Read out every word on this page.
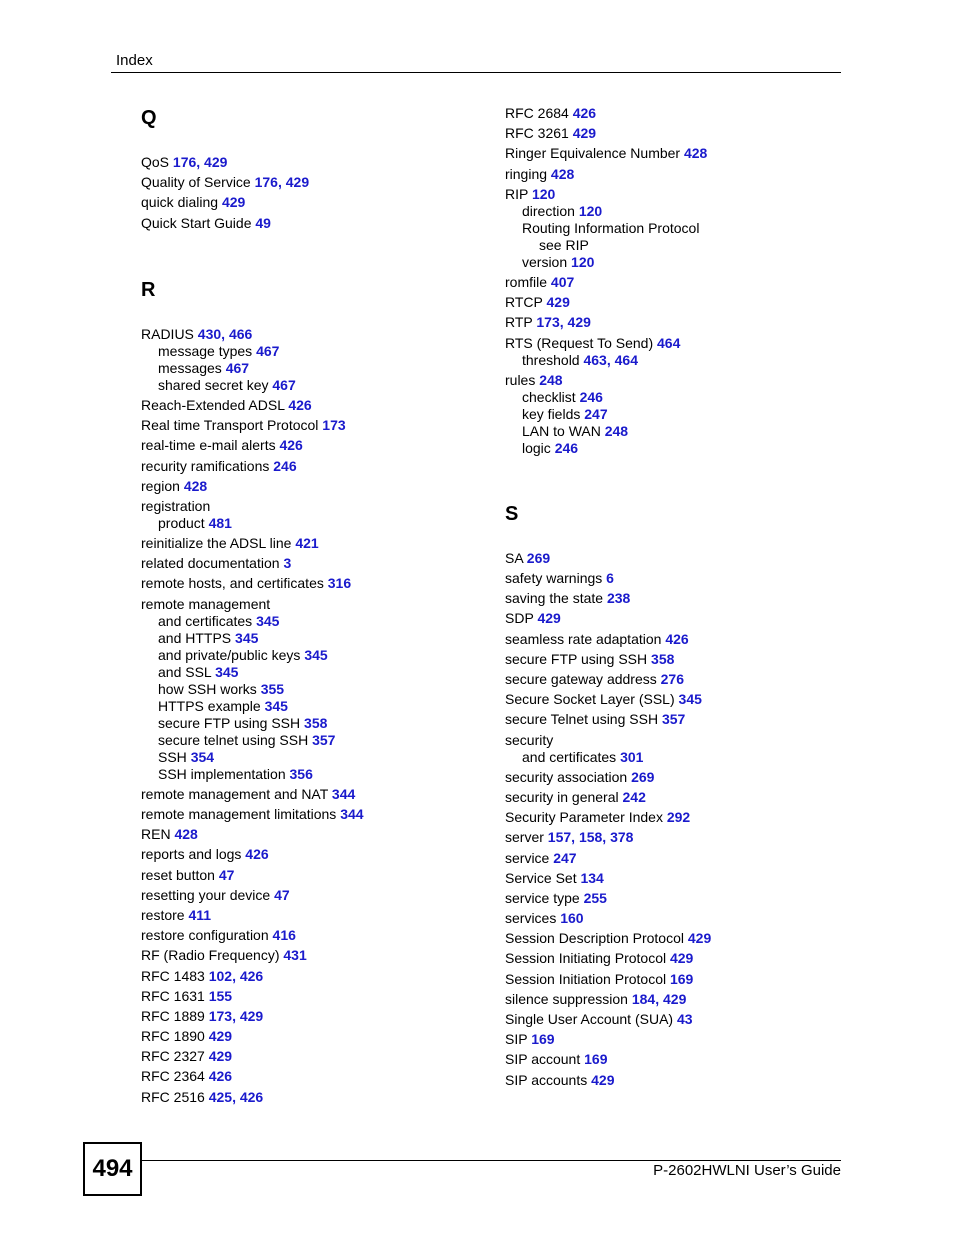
Index
Q
QoS 176, 429
Quality of Service 176, 429
quick dialing 429
Quick Start Guide 49
R
RADIUS 430, 466
message types 467
messages 467
shared secret key 467
Reach-Extended ADSL 426
Real time Transport Protocol 173
real-time e-mail alerts 426
recurity ramifications 246
region 428
registration
product 481
reinitialize the ADSL line 421
related documentation 3
remote hosts, and certificates 316
remote management
and certificates 345
and HTTPS 345
and private/public keys 345
and SSL 345
how SSH works 355
HTTPS example 345
secure FTP using SSH 358
secure telnet using SSH 357
SSH 354
SSH implementation 356
remote management and NAT 344
remote management limitations 344
REN 428
reports and logs 426
reset button 47
resetting your device 47
restore 411
restore configuration 416
RF (Radio Frequency) 431
RFC 1483 102, 426
RFC 1631 155
RFC 1889 173, 429
RFC 1890 429
RFC 2327 429
RFC 2364 426
RFC 2516 425, 426
RFC 2684 426
RFC 3261 429
Ringer Equivalence Number 428
ringing 428
RIP 120
direction 120
Routing Information Protocol
see RIP
version 120
romfile 407
RTCP 429
RTP 173, 429
RTS (Request To Send) 464
threshold 463, 464
rules 248
checklist 246
key fields 247
LAN to WAN 248
logic 246
S
SA 269
safety warnings 6
saving the state 238
SDP 429
seamless rate adaptation 426
secure FTP using SSH 358
secure gateway address 276
Secure Socket Layer (SSL) 345
secure Telnet using SSH 357
security
and certificates 301
security association 269
security in general 242
Security Parameter Index 292
server 157, 158, 378
service 247
Service Set 134
service type 255
services 160
Session Description Protocol 429
Session Initiating Protocol 429
Session Initiation Protocol 169
silence suppression 184, 429
Single User Account (SUA) 43
SIP 169
SIP account 169
SIP accounts 429
494	P-2602HWLNI User’s Guide
